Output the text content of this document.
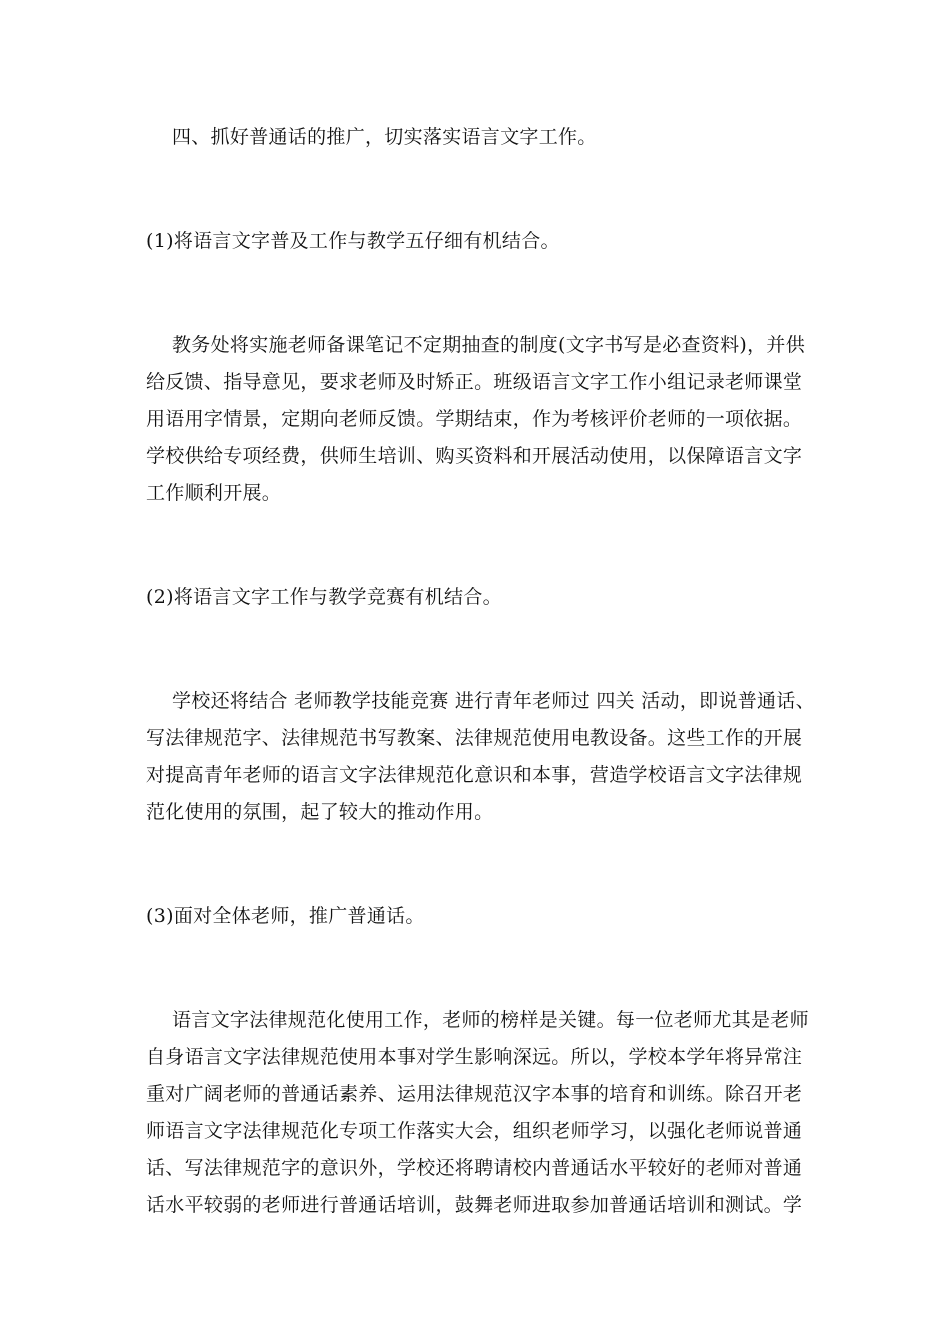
四、抓好普通话的推广，切实落实语言文字工作。
(1)将语言文字普及工作与教学五仔细有机结合。
教务处将实施老师备课笔记不定期抽查的制度(文字书写是必查资料)，并供
给反馈、指导意见，要求老师及时矫正。班级语言文字工作小组记录老师课堂
用语用字情景，定期向老师反馈。学期结束，作为考核评价老师的一项依据。
学校供给专项经费，供师生培训、购买资料和开展活动使用，以保障语言文字
工作顺利开展。
(2)将语言文字工作与教学竞赛有机结合。
学校还将结合 老师教学技能竞赛 进行青年老师过 四关 活动，即说普通话、
写法律规范字、法律规范书写教案、法律规范使用电教设备。这些工作的开展
对提高青年老师的语言文字法律规范化意识和本事，营造学校语言文字法律规
范化使用的氛围，起了较大的推动作用。
(3)面对全体老师，推广普通话。
语言文字法律规范化使用工作，老师的榜样是关键。每一位老师尤其是老师
自身语言文字法律规范使用本事对学生影响深远。所以，学校本学年将异常注
重对广阔老师的普通话素养、运用法律规范汉字本事的培育和训练。除召开老
师语言文字法律规范化专项工作落实大会，组织老师学习，以强化老师说普通
话、写法律规范字的意识外，学校还将聘请校内普通话水平较好的老师对普通
话水平较弱的老师进行普通话培训，鼓舞老师进取参加普通话培训和测试。学
